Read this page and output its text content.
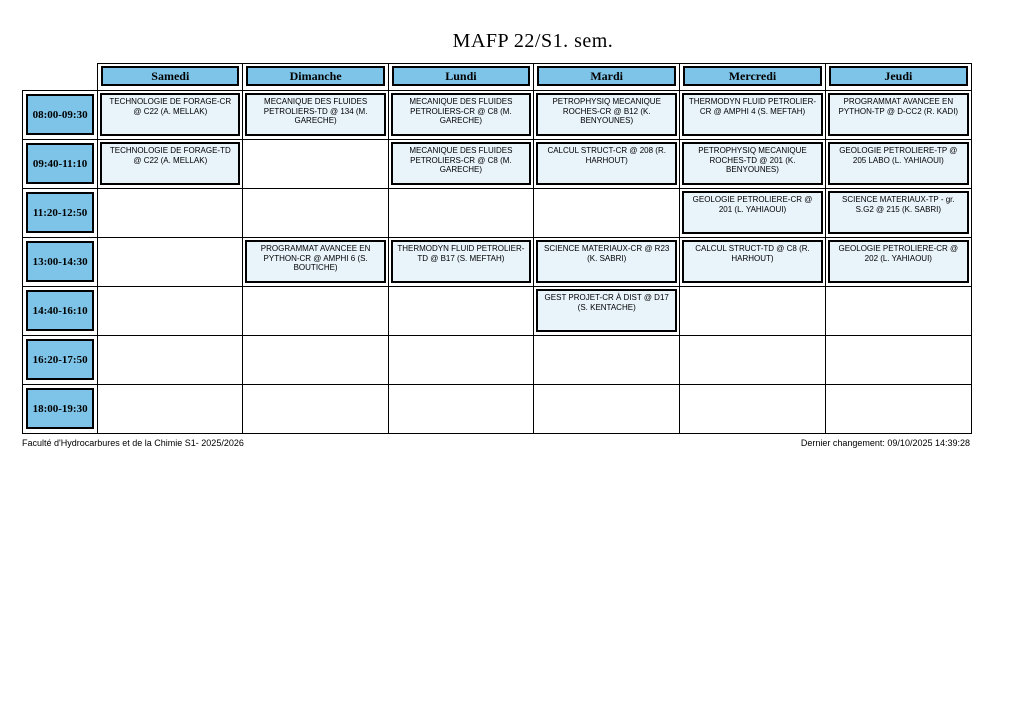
MAFP 22/S1. sem.

	Samedi	Dimanche	Lundi	Mardi	Mercredi	Jeudi

08:00-09:30	TECHNOLOGIE DE FORAGE-CR @ C22 (A. MELLAK)	MECANIQUE DES FLUIDES PETROLIERS-TD @ 134 (M. GARECHE)	MECANIQUE DES FLUIDES PETROLIERS-CR @ C8 (M. GARECHE)	PETROPHYSIQ MECANIQUE ROCHES-CR @ B12 (K. BENYOUNES)	THERMODYN FLUID PETROLIER-CR @ AMPHI 4 (S. MEFTAH)	PROGRAMMAT AVANCEE EN PYTHON-TP @ D-CC2 (R. KADI)

09:40-11:10	TECHNOLOGIE DE FORAGE-TD @ C22 (A. MELLAK)		MECANIQUE DES FLUIDES PETROLIERS-CR @ C8 (M. GARECHE)	CALCUL STRUCT-CR @ 208 (R. HARHOUT)	PETROPHYSIQ MECANIQUE ROCHES-TD @ 201 (K. BENYOUNES)	GEOLOGIE PETROLIERE-TP @ 205 LABO (L. YAHIAOUI)

11:20-12:50					GEOLOGIE PETROLIERE-CR @ 201 (L. YAHIAOUI)	SCIENCE MATERIAUX-TP - gr. S.G2 @ 215 (K. SABRI)

13:00-14:30		PROGRAMMAT AVANCEE EN PYTHON-CR @ AMPHI 6 (S. BOUTICHE)	THERMODYN FLUID PETROLIER-TD @ B17 (S. MEFTAH)	SCIENCE MATERIAUX-CR @ R23 (K. SABRI)	CALCUL STRUCT-TD @ C8 (R. HARHOUT)	GEOLOGIE PETROLIERE-CR @ 202 (L. YAHIAOUI)

14:40-16:10				GEST PROJET-CR À DIST @ D17 (S. KENTACHE)		

16:20-17:50						

18:00-19:30						

Faculté d'Hydrocarbures et de la Chimie S1- 2025/2026	Dernier changement: 09/10/2025 14:39:28
